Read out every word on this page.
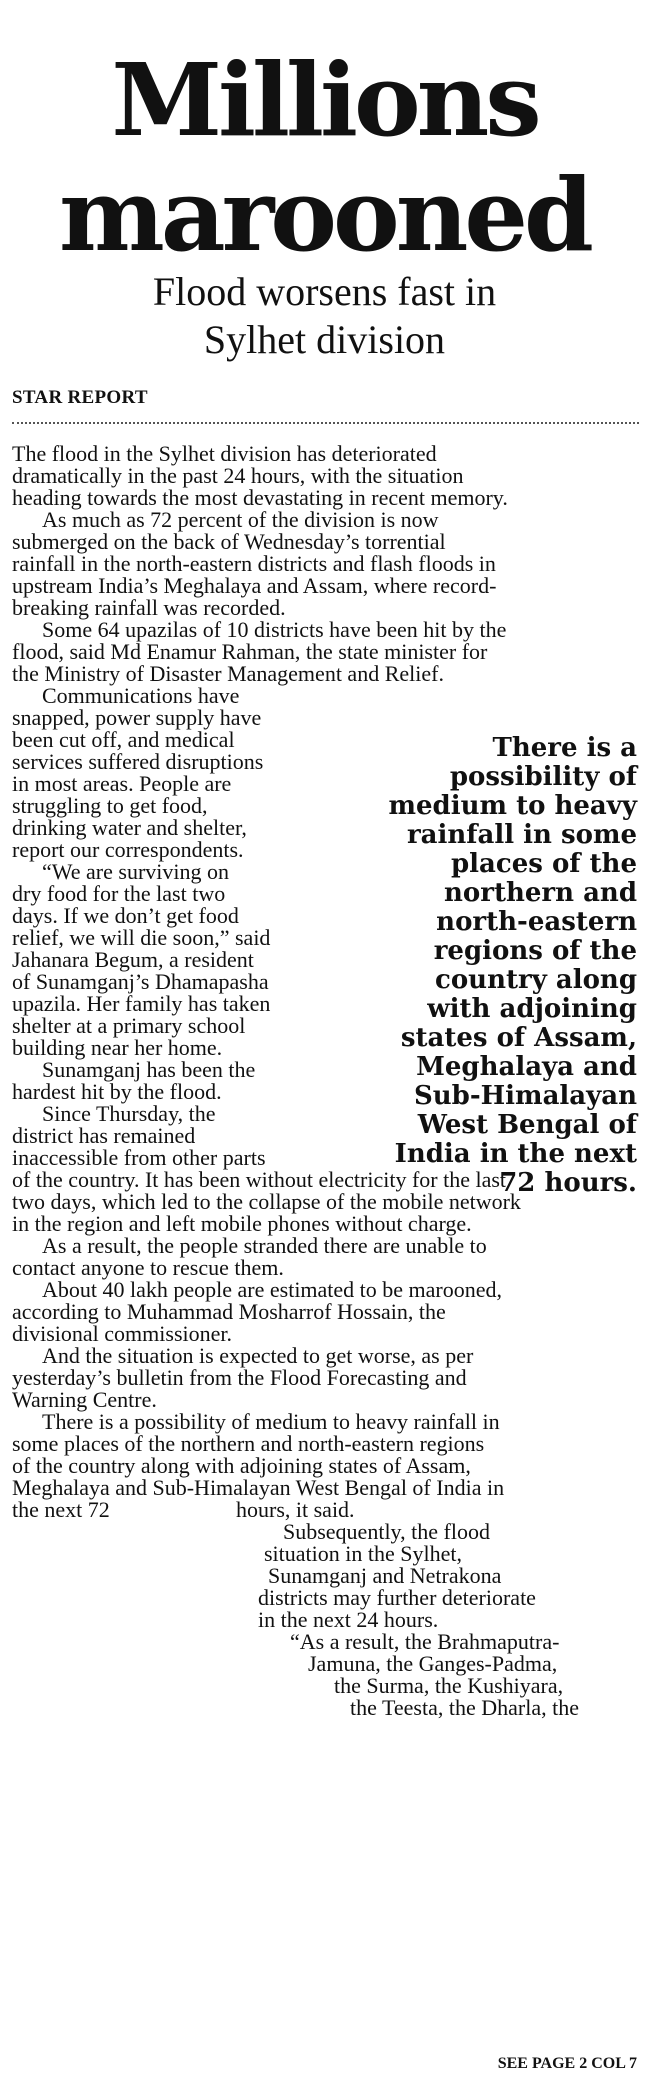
Millions
marooned
Flood worsens fast in
Sylhet division
STAR REPORT
The flood in the Sylhet division has deteriorated
dramatically in the past 24 hours, with the situation
heading towards the most devastating in recent memory.
As much as 72 percent of the division is now
submerged on the back of Wednesday’s torrential
rainfall in the north-eastern districts and flash floods in
upstream India’s Meghalaya and Assam, where record-
breaking rainfall was recorded.
Some 64 upazilas of 10 districts have been hit by the
flood, said Md Enamur Rahman, the state minister for
the Ministry of Disaster Management and Relief.
Communications have
snapped, power supply have
been cut off, and medical
services suffered disruptions
in most areas. People are
struggling to get food,
drinking water and shelter,
report our correspondents.
“We are surviving on
dry food for the last two
days. If we don’t get food
relief, we will die soon,” said
Jahanara Begum, a resident
of Sunamganj’s Dhamapasha
upazila. Her family has taken
shelter at a primary school
building near her home.
Sunamganj has been the
hardest hit by the flood.
Since Thursday, the
district has remained
inaccessible from other parts
of the country. It has been without electricity for the last
two days, which led to the collapse of the mobile network
in the region and left mobile phones without charge.
As a result, the people stranded there are unable to
contact anyone to rescue them.
About 40 lakh people are estimated to be marooned,
according to Muhammad Mosharrof Hossain, the
divisional commissioner.
And the situation is expected to get worse, as per
yesterday’s bulletin from the Flood Forecasting and
Warning Centre.
There is a possibility of medium to heavy rainfall in
some places of the northern and north-eastern regions
of the country along with adjoining states of Assam,
Meghalaya and Sub-Himalayan West Bengal of India in
the next 72	hours, it said.
Subsequently, the flood
situation in the Sylhet,
Sunamganj and Netrakona
districts may further deteriorate
in the next 24 hours.
“As a result, the Brahmaputra-
Jamuna, the Ganges-Padma,
the Surma, the Kushiyara,
the Teesta, the Dharla, the
There is a
possibility of
medium to heavy
rainfall in some
places of the
northern and
north-eastern
regions of the
country along
with adjoining
states of Assam,
Meghalaya and
Sub-Himalayan
West Bengal of
India in the next
72 hours.
SEE PAGE 2 COL 7
